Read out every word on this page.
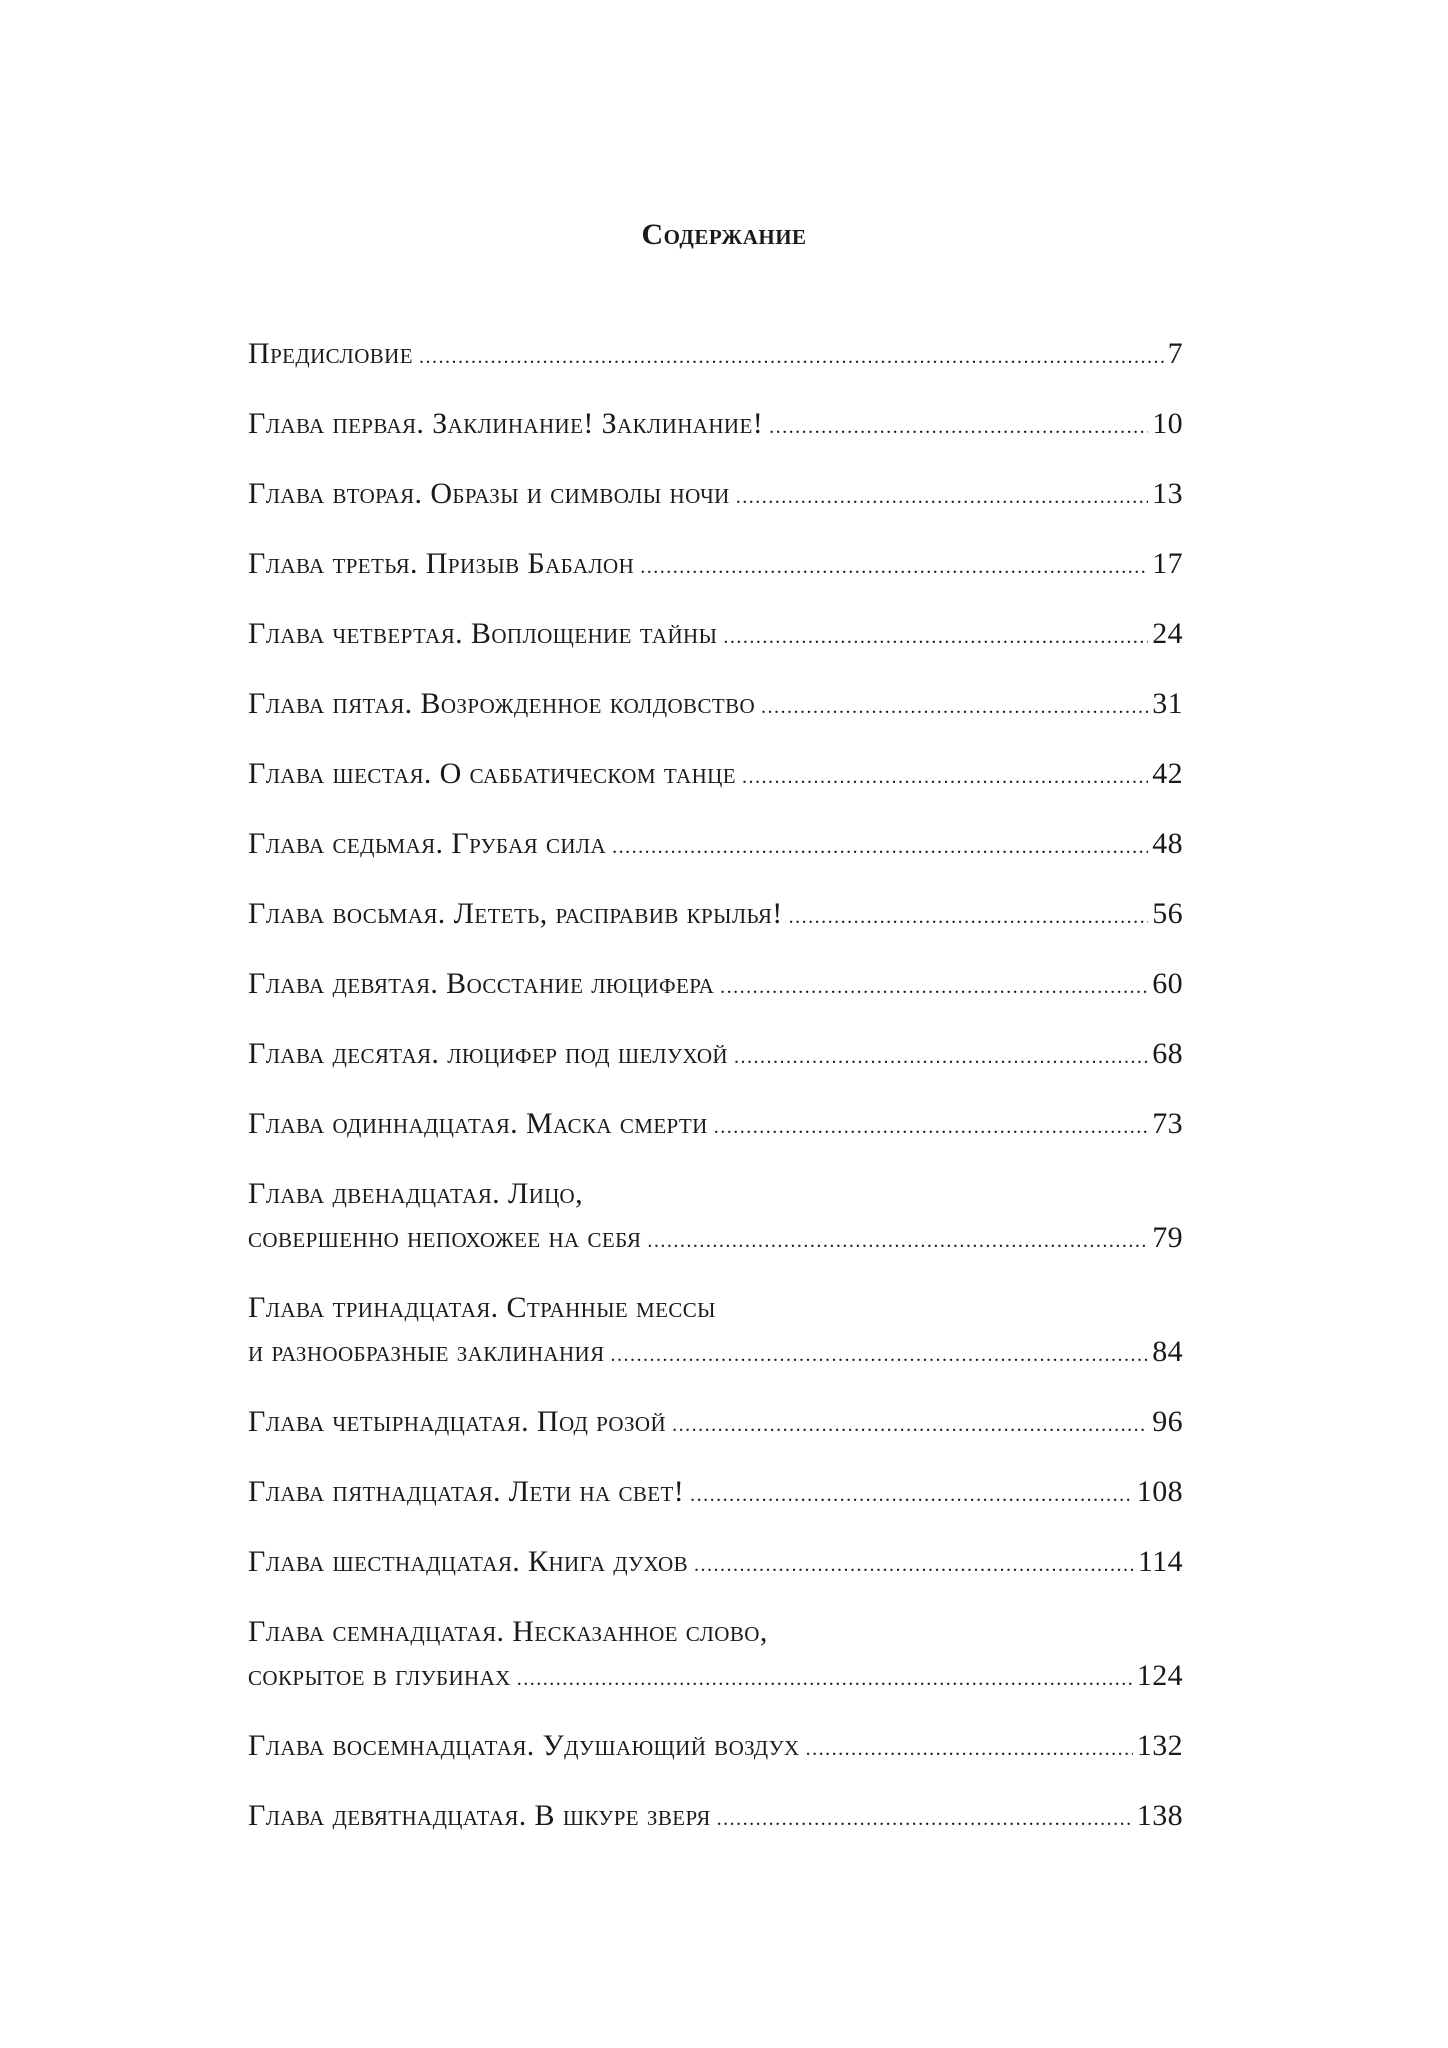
Содержание
Предисловие .....	7
Глава первая. Заклинание! Заклинание! .....	10
Глава вторая. Образы и символы ночи .....	13
Глава третья. Призыв Бабалон .....	17
Глава четвертая. Воплощение тайны .....	24
Глава пятая. Возрожденное колдовство .....	31
Глава шестая. О саббатическом танце .....	42
Глава седьмая. Грубая сила .....	48
Глава восьмая. Лететь, расправив крылья! .....	56
Глава девятая. Восстание люцифера .....	60
Глава десятая. люцифер под шелухой .....	68
Глава одиннадцатая. Маска смерти .....	73
Глава двенадцатая. Лицо,
совершенно непохожее на себя .....	79
Глава тринадцатая. Странные мессы
и разнообразные заклинания .....	84
Глава четырнадцатая. Под розой .....	96
Глава пятнадцатая. Лети на свет! .....	108
Глава шестнадцатая. Книга духов .....	114
Глава семнадцатая. Несказанное слово,
сокрытое в глубинах .....	124
Глава восемнадцатая. Удушающий воздух .....	132
Глава девятнадцатая. В шкуре зверя .....	138
